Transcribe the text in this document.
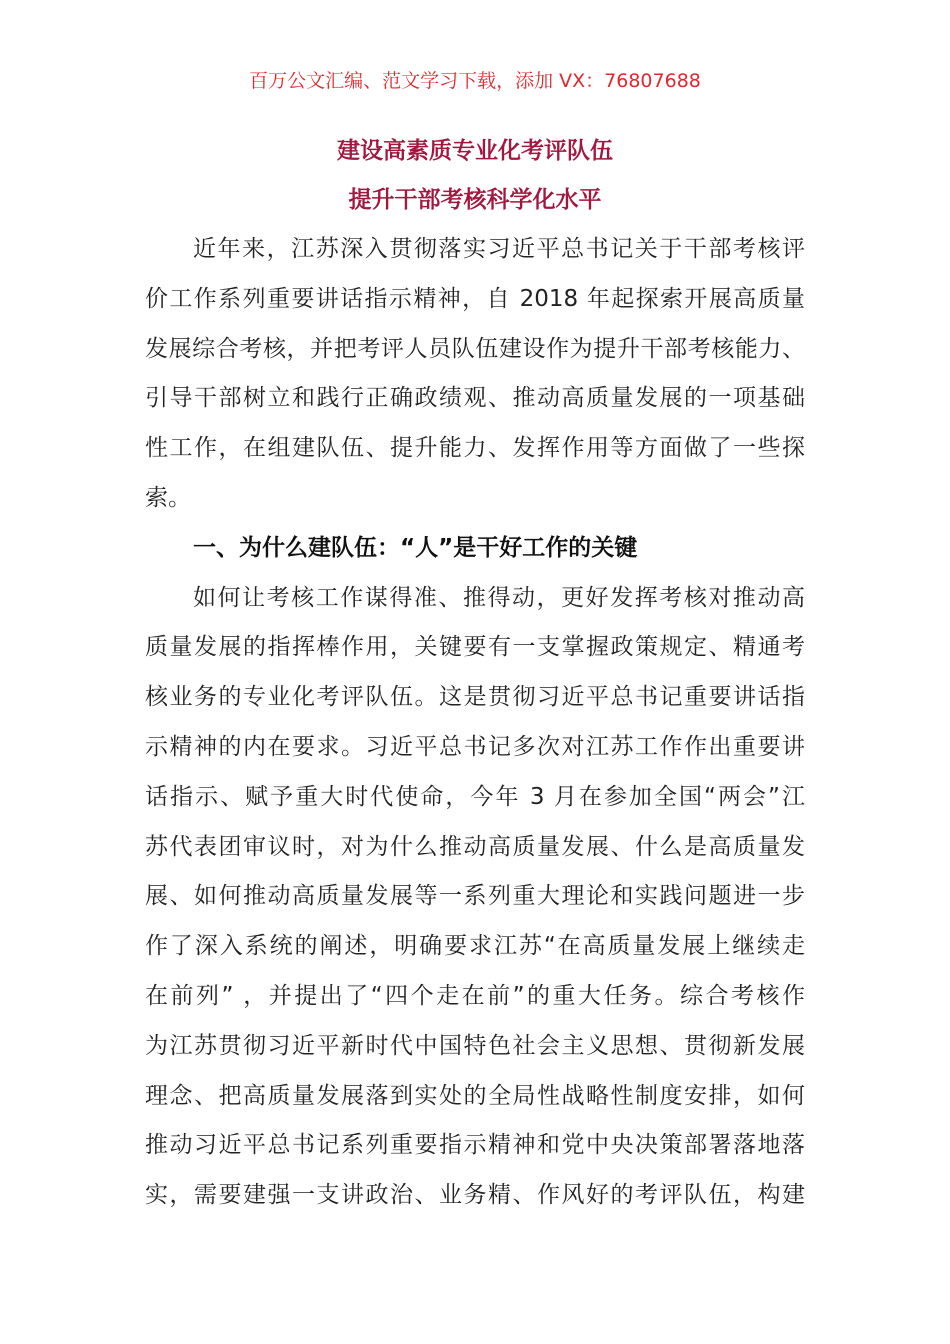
百万公文汇编、范文学习下载，添加 VX：76807688
建设高素质专业化考评队伍
提升干部考核科学化水平
近年来，江苏深入贯彻落实习近平总书记关于干部考核评
价工作系列重要讲话指示精神，自 2018 年起探索开展高质量
发展综合考核，并把考评人员队伍建设作为提升干部考核能力、
引导干部树立和践行正确政绩观、推动高质量发展的一项基础
性工作，在组建队伍、提升能力、发挥作用等方面做了一些探
索。
一、为什么建队伍：“人”是干好工作的关键
如何让考核工作谋得准、推得动，更好发挥考核对推动高
质量发展的指挥棒作用，关键要有一支掌握政策规定、精通考
核业务的专业化考评队伍。这是贯彻习近平总书记重要讲话指
示精神的内在要求。习近平总书记多次对江苏工作作出重要讲
话指示、赋予重大时代使命，今年 3 月在参加全国“两会”江
苏代表团审议时，对为什么推动高质量发展、什么是高质量发
展、如何推动高质量发展等一系列重大理论和实践问题进一步
作了深入系统的阐述，明确要求江苏“在高质量发展上继续走
在前列” ，并提出了“四个走在前”的重大任务。综合考核作
为江苏贯彻习近平新时代中国特色社会主义思想、贯彻新发展
理念、把高质量发展落到实处的全局性战略性制度安排，如何
推动习近平总书记系列重要指示精神和党中央决策部署落地落
实，需要建强一支讲政治、业务精、作风好的考评队伍，构建
